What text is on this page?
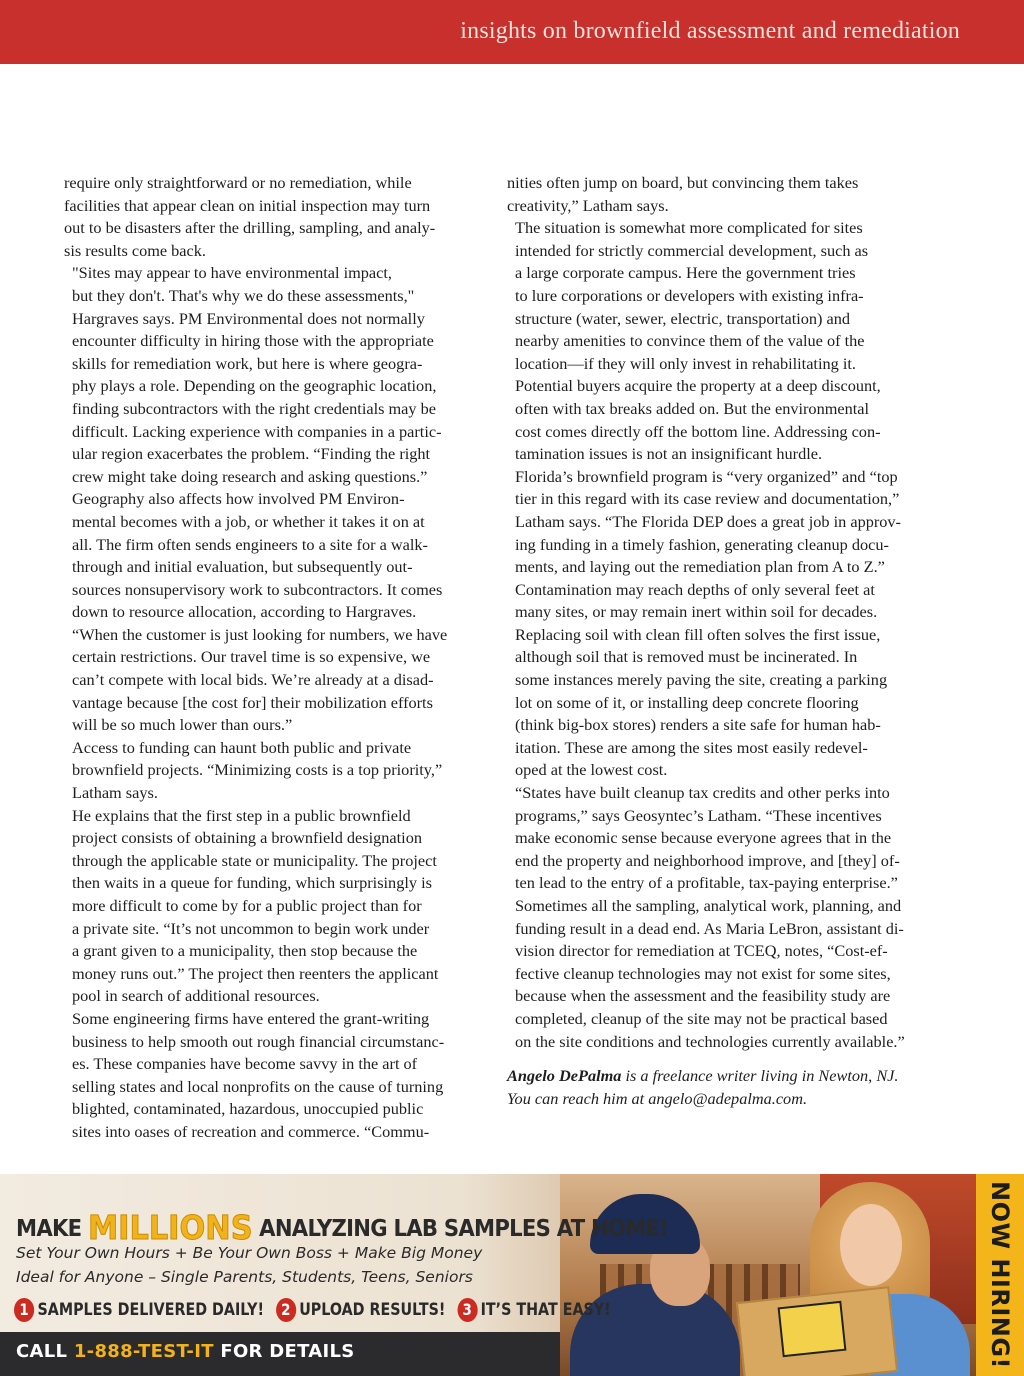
insights on brownfield assessment and remediation

require only straightforward or no remediation, while
facilities that appear clean on initial inspection may turn
out to be disasters after the drilling, sampling, and analy-
sis results come back.

"Sites may appear to have environmental impact,
but they don't. That's why we do these assessments,"
Hargraves says. PM Environmental does not normally
encounter difficulty in hiring those with the appropriate
skills for remediation work, but here is where geogra-
phy plays a role. Depending on the geographic location,
finding subcontractors with the right credentials may be
difficult. Lacking experience with companies in a partic-
ular region exacerbates the problem. “Finding the right
crew might take doing research and asking questions.”

Geography also affects how involved PM Environ-
mental becomes with a job, or whether it takes it on at
all. The firm often sends engineers to a site for a walk-
through and initial evaluation, but subsequently out-
sources nonsupervisory work to subcontractors. It comes
down to resource allocation, according to Hargraves.
“When the customer is just looking for numbers, we have
certain restrictions. Our travel time is so expensive, we
can’t compete with local bids. We’re already at a disad-
vantage because [the cost for] their mobilization efforts
will be so much lower than ours.”

Access to funding can haunt both public and private
brownfield projects. “Minimizing costs is a top priority,”
Latham says.

He explains that the first step in a public brownfield
project consists of obtaining a brownfield designation
through the applicable state or municipality. The project
then waits in a queue for funding, which surprisingly is
more difficult to come by for a public project than for
a private site. “It’s not uncommon to begin work under
a grant given to a municipality, then stop because the
money runs out.” The project then reenters the applicant
pool in search of additional resources.

Some engineering firms have entered the grant-writing
business to help smooth out rough financial circumstanc-
es. These companies have become savvy in the art of
selling states and local nonprofits on the cause of turning
blighted, contaminated, hazardous, unoccupied public
sites into oases of recreation and commerce. “Commu-

nities often jump on board, but convincing them takes
creativity,” Latham says.

The situation is somewhat more complicated for sites
intended for strictly commercial development, such as
a large corporate campus. Here the government tries
to lure corporations or developers with existing infra-
structure (water, sewer, electric, transportation) and
nearby amenities to convince them of the value of the
location—if they will only invest in rehabilitating it.
Potential buyers acquire the property at a deep discount,
often with tax breaks added on. But the environmental
cost comes directly off the bottom line. Addressing con-
tamination issues is not an insignificant hurdle.

Florida’s brownfield program is “very organized” and “top
tier in this regard with its case review and documentation,”
Latham says. “The Florida DEP does a great job in approv-
ing funding in a timely fashion, generating cleanup docu-
ments, and laying out the remediation plan from A to Z.”

Contamination may reach depths of only several feet at
many sites, or may remain inert within soil for decades.
Replacing soil with clean fill often solves the first issue,
although soil that is removed must be incinerated. In
some instances merely paving the site, creating a parking
lot on some of it, or installing deep concrete flooring
(think big-box stores) renders a site safe for human hab-
itation. These are among the sites most easily redevel-
oped at the lowest cost.

“States have built cleanup tax credits and other perks into
programs,” says Geosyntec’s Latham. “These incentives
make economic sense because everyone agrees that in the
end the property and neighborhood improve, and [they] of-
ten lead to the entry of a profitable, tax-paying enterprise.”

Sometimes all the sampling, analytical work, planning, and
funding result in a dead end. As Maria LeBron, assistant di-
vision director for remediation at TCEQ, notes, “Cost-ef-
fective cleanup technologies may not exist for some sites,
because when the assessment and the feasibility study are
completed, cleanup of the site may not be practical based
on the site conditions and technologies currently available.”

Angelo DePalma is a freelance writer living in Newton, NJ.
You can reach him at angelo@adepalma.com.

MAKE MILLIONS ANALYZING LAB SAMPLES AT HOME!
Set Your Own Hours + Be Your Own Boss + Make Big Money
Ideal for Anyone – Single Parents, Students, Teens, Seniors
1 SAMPLES DELIVERED DAILY! 2 UPLOAD RESULTS! 3 IT’S THAT EASY!
CALL 1-888-TEST-IT FOR DETAILS	NOW HIRING!
